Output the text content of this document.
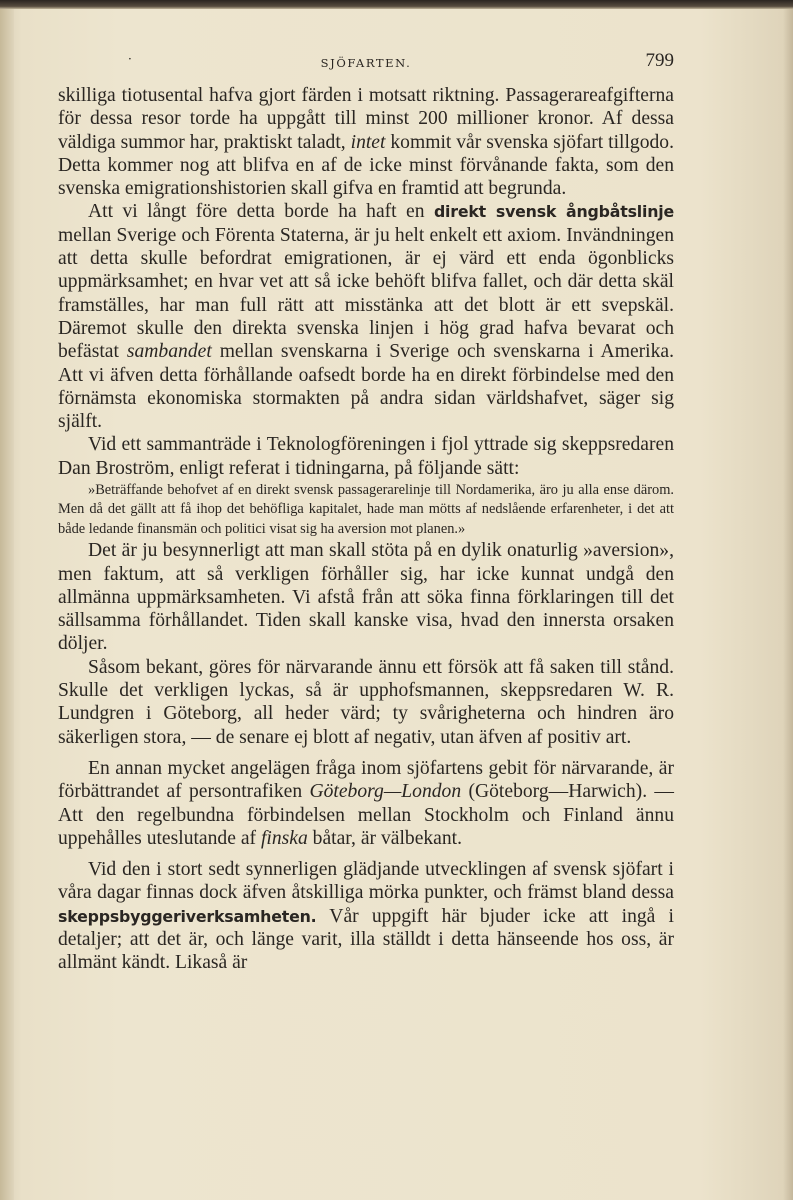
·	SJÖFARTEN.	799

skilliga tiotusental hafva gjort färden i motsatt riktning. Passagerareafgifterna för dessa resor torde ha uppgått till minst 200 millioner kronor. Af dessa väldiga summor har, praktiskt taladt, intet kommit vår svenska sjöfart tillgodo. Detta kommer nog att blifva en af de icke minst förvånande fakta, som den svenska emigrationshistorien skall gifva en framtid att begrunda.

Att vi långt före detta borde ha haft en direkt svensk ångbåtslinje mellan Sverige och Förenta Staterna, är ju helt enkelt ett axiom. Invändningen att detta skulle befordrat emigrationen, är ej värd ett enda ögonblicks uppmärksamhet; en hvar vet att så icke behöft blifva fallet, och där detta skäl framställes, har man full rätt att misstänka att det blott är ett svepskäl. Däremot skulle den direkta svenska linjen i hög grad hafva bevarat och befästat sambandet mellan svenskarna i Sverige och svenskarna i Amerika. Att vi äfven detta förhållande oafsedt borde ha en direkt förbindelse med den förnämsta ekonomiska stormakten på andra sidan världshafvet, säger sig själft.

Vid ett sammanträde i Teknologföreningen i fjol yttrade sig skeppsredaren Dan Broström, enligt referat i tidningarna, på följande sätt:

»Beträffande behofvet af en direkt svensk passagerarelinje till Nordamerika, äro ju alla ense därom. Men då det gällt att få ihop det behöfliga kapitalet, hade man mötts af nedslående erfarenheter, i det att både ledande finansmän och politici visat sig ha aversion mot planen.»

Det är ju besynnerligt att man skall stöta på en dylik onaturlig »aversion», men faktum, att så verkligen förhåller sig, har icke kunnat undgå den allmänna uppmärksamheten. Vi afstå från att söka finna förklaringen till det sällsamma förhållandet. Tiden skall kanske visa, hvad den innersta orsaken döljer.

Såsom bekant, göres för närvarande ännu ett försök att få saken till stånd. Skulle det verkligen lyckas, så är upphofsmannen, skeppsredaren W. R. Lundgren i Göteborg, all heder värd; ty svårigheterna och hindren äro säkerligen stora, — de senare ej blott af negativ, utan äfven af positiv art.

En annan mycket angelägen fråga inom sjöfartens gebit för närvarande, är förbättrandet af persontrafiken Göteborg—London (Göteborg—Harwich). — Att den regelbundna förbindelsen mellan Stockholm och Finland ännu uppehålles uteslutande af finska båtar, är välbekant.

Vid den i stort sedt synnerligen glädjande utvecklingen af svensk sjöfart i våra dagar finnas dock äfven åtskilliga mörka punkter, och främst bland dessa skeppsbyggeriverksamheten. Vår uppgift här bjuder icke att ingå i detaljer; att det är, och länge varit, illa ställdt i detta hänseende hos oss, är allmänt kändt. Likaså är
